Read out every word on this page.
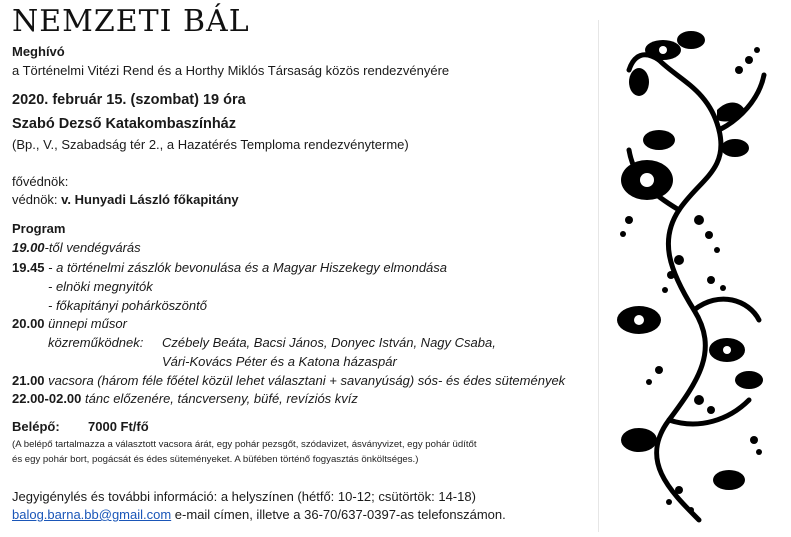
NEMZETI BÁL
Meghívó
a Történelmi Vitézi Rend és a Horthy Miklós Társaság közös rendezvényére
2020. február 15. (szombat) 19 óra
Szabó Dezső Katakombaszínház
(Bp., V., Szabadság tér 2., a Hazatérés Temploma rendezvényterme)
fővédnök:
védnök: v. Hunyadi László főkapitány
Program
19.00-től vendégvárás
19.45 - a történelmi zászlók bevonulása és a Magyar Hiszekegy elmondása
- elnöki megnyitók
- főkapitányi pohárköszöntő
20.00 ünnepi műsor
közreműködnek: Czébely Beáta, Bacsi János, Donyec István, Nagy Csaba,
Vári-Kovács Péter és a Katona házaspár
21.00 vacsora (három féle főétel közül lehet választani + savanyúság) sós- és édes sütemények
22.00-02.00 tánc előzenére, táncverseny, büfé, revíziós kvíz
Belépő: 7000 Ft/fő
(A belépő tartalmazza a választott vacsora árát, egy pohár pezsgőt, szódavizet, ásványvizet, egy pohár üdítőt
és egy pohár bort, pogácsát és édes süteményeket. A büfében történő fogyasztás önköltséges.)
Jegyigénylés és további információ: a helyszínen (hétfő: 10-12; csütörtök: 14-18)
balog.barna.bb@gmail.com e-mail címen, illetve a 36-70/637-0397-as telefonszámon.
